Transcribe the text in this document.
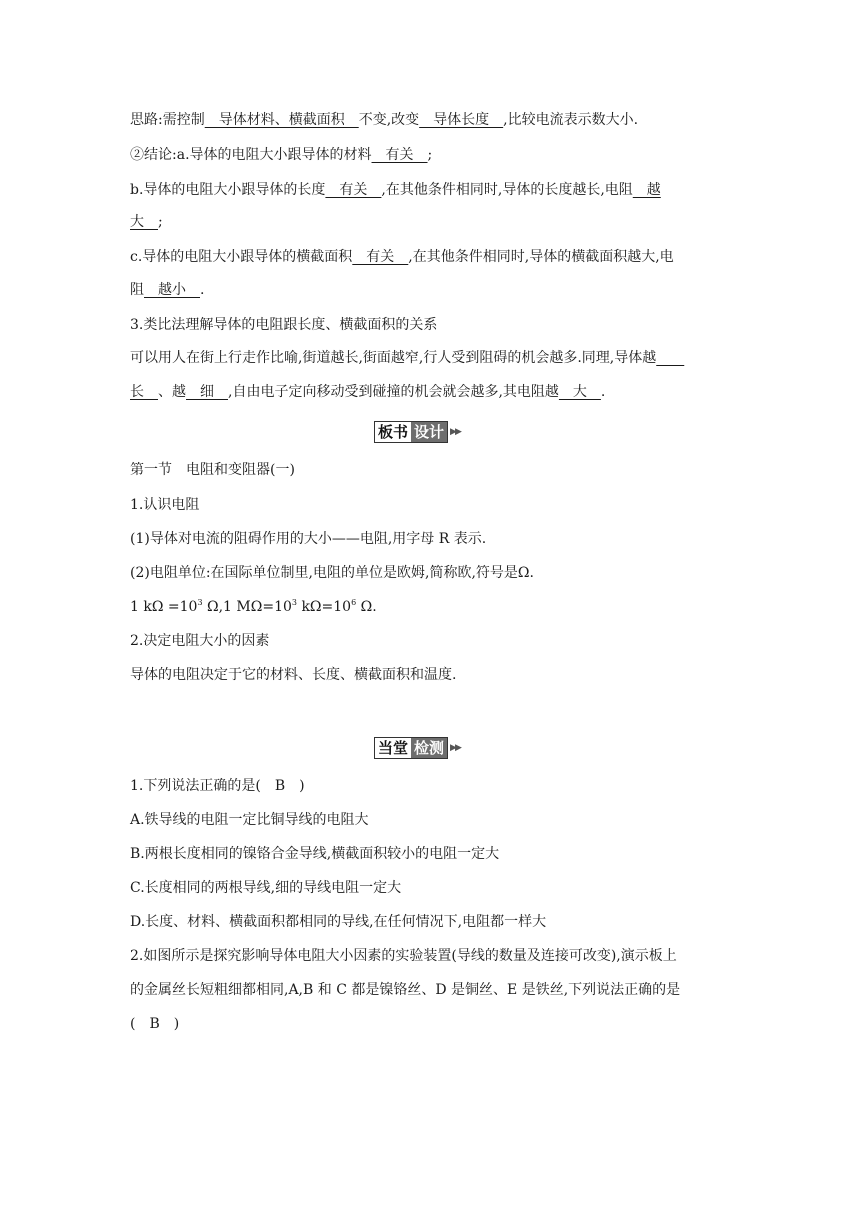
思路:需控制　导体材料、横截面积　不变,改变　导体长度　,比较电流表示数大小.
②结论:a.导体的电阻大小跟导体的材料　有关　;
b.导体的电阻大小跟导体的长度　有关　,在其他条件相同时,导体的长度越长,电阻　越
大　;
c.导体的电阻大小跟导体的横截面积　有关　,在其他条件相同时,导体的横截面积越大,电
阻　越小　.
3.类比法理解导体的电阻跟长度、横截面积的关系
可以用人在街上行走作比喻,街道越长,街面越窄,行人受到阻碍的机会越多.同理,导体越　　
长　、越　细　,自由电子定向移动受到碰撞的机会就会越多,其电阻越　大　.
板书 设计 ▶▶
第一节　电阻和变阻器(一)
1.认识电阻
(1)导体对电流的阻碍作用的大小——电阻,用字母 R 表示.
(2)电阻单位:在国际单位制里,电阻的单位是欧姆,简称欧,符号是Ω.
1 $k\Omega =10^3$ Ω,1 $M\Omega=10^3$ $k\Omega=10^6$ Ω.
2.决定电阻大小的因素
导体的电阻决定于它的材料、长度、横截面积和温度.
当堂 检测 ▶▶
1.下列说法正确的是(　B　)
A.铁导线的电阻一定比铜导线的电阻大
B.两根长度相同的镍铬合金导线,横截面积较小的电阻一定大
C.长度相同的两根导线,细的导线电阻一定大
D.长度、材料、横截面积都相同的导线,在任何情况下,电阻都一样大
2.如图所示是探究影响导体电阻大小因素的实验装置(导线的数量及连接可改变),演示板上
的金属丝长短粗细都相同,A,B 和 C 都是镍铬丝、D 是铜丝、E 是铁丝,下列说法正确的是
(　B　)
